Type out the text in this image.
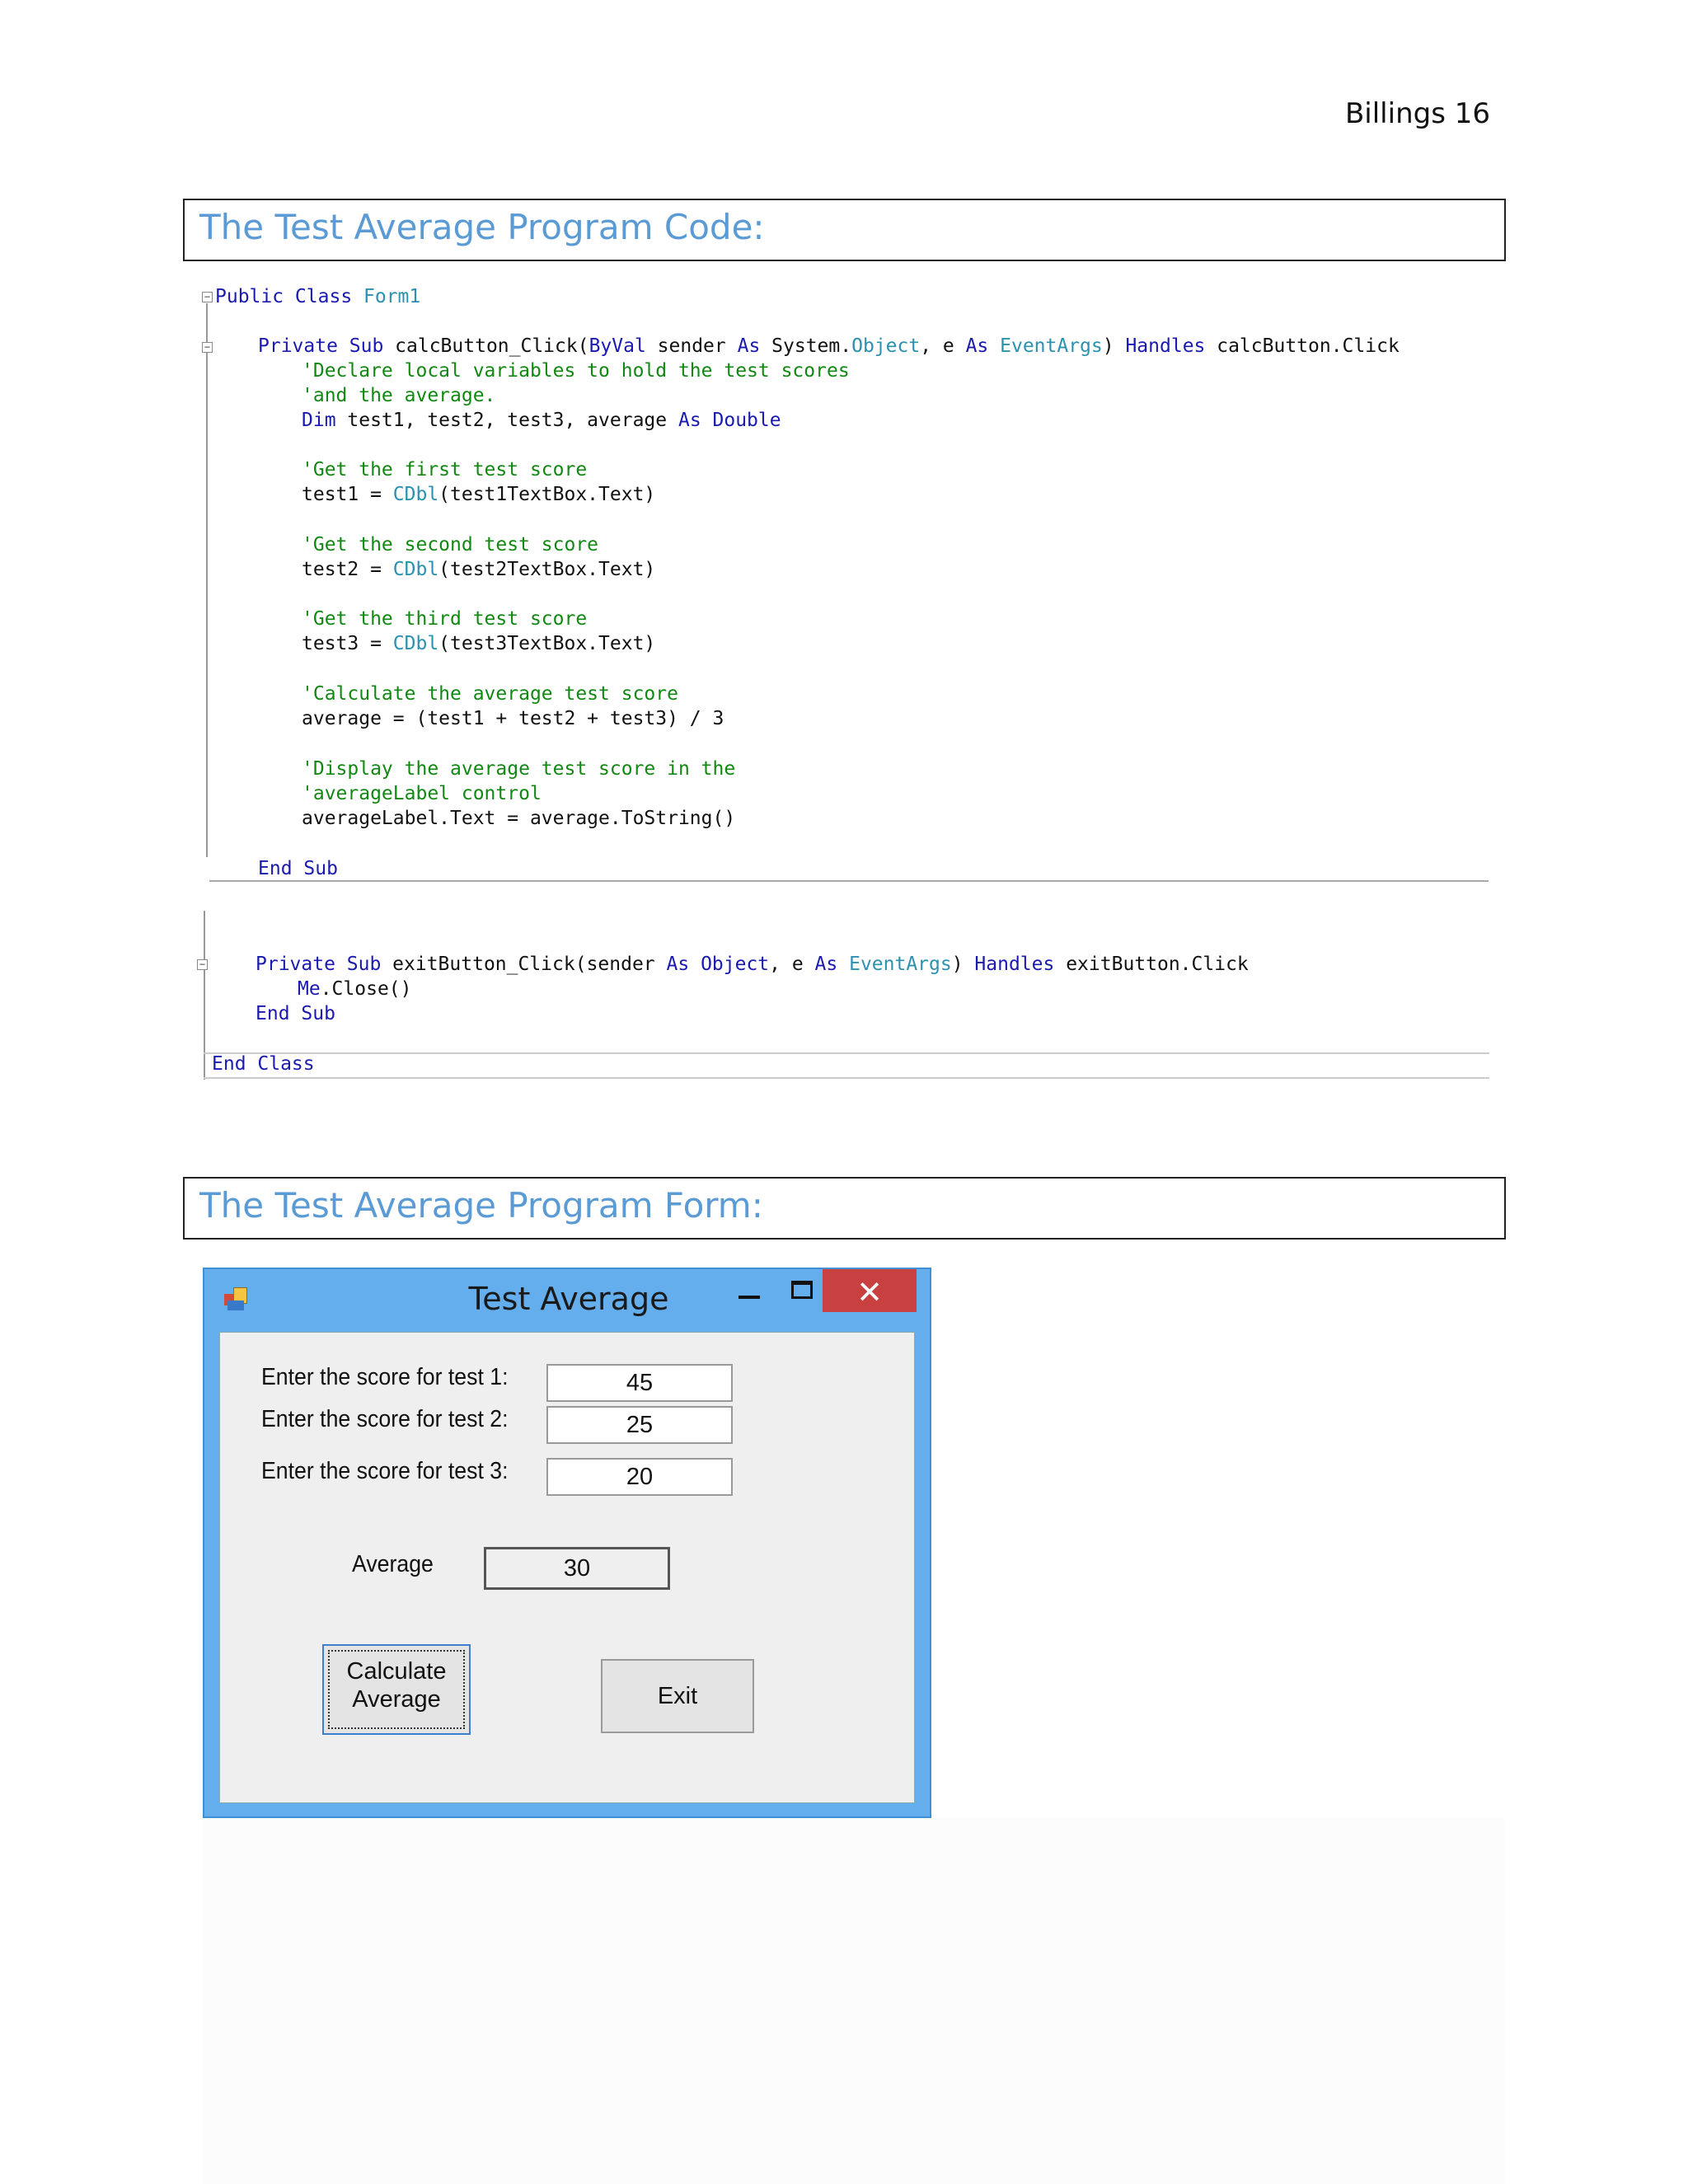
Billings 16
The Test Average Program Code:
− Public Class Form1
−	Private Sub calcButton_Click(ByVal sender As System.Object, e As EventArgs) Handles calcButton.Click
'Declare local variables to hold the test scores
'and the average.
Dim test1, test2, test3, average As Double
'Get the first test score
test1 = CDbl(test1TextBox.Text)
'Get the second test score
test2 = CDbl(test2TextBox.Text)
'Get the third test score
test3 = CDbl(test3TextBox.Text)
'Calculate the average test score
average = (test1 + test2 + test3) / 3
'Display the average test score in the
'averageLabel control
averageLabel.Text = average.ToString()
End Sub
−	Private Sub exitButton_Click(sender As Object, e As EventArgs) Handles exitButton.Click
Me.Close()
End Sub
End Class
The Test Average Program Form:
Test Average	✕
Enter the score for test 1:	45
Enter the score for test 2:	25
Enter the score for test 3:	20
Average	30
Calculate
Average	Exit
